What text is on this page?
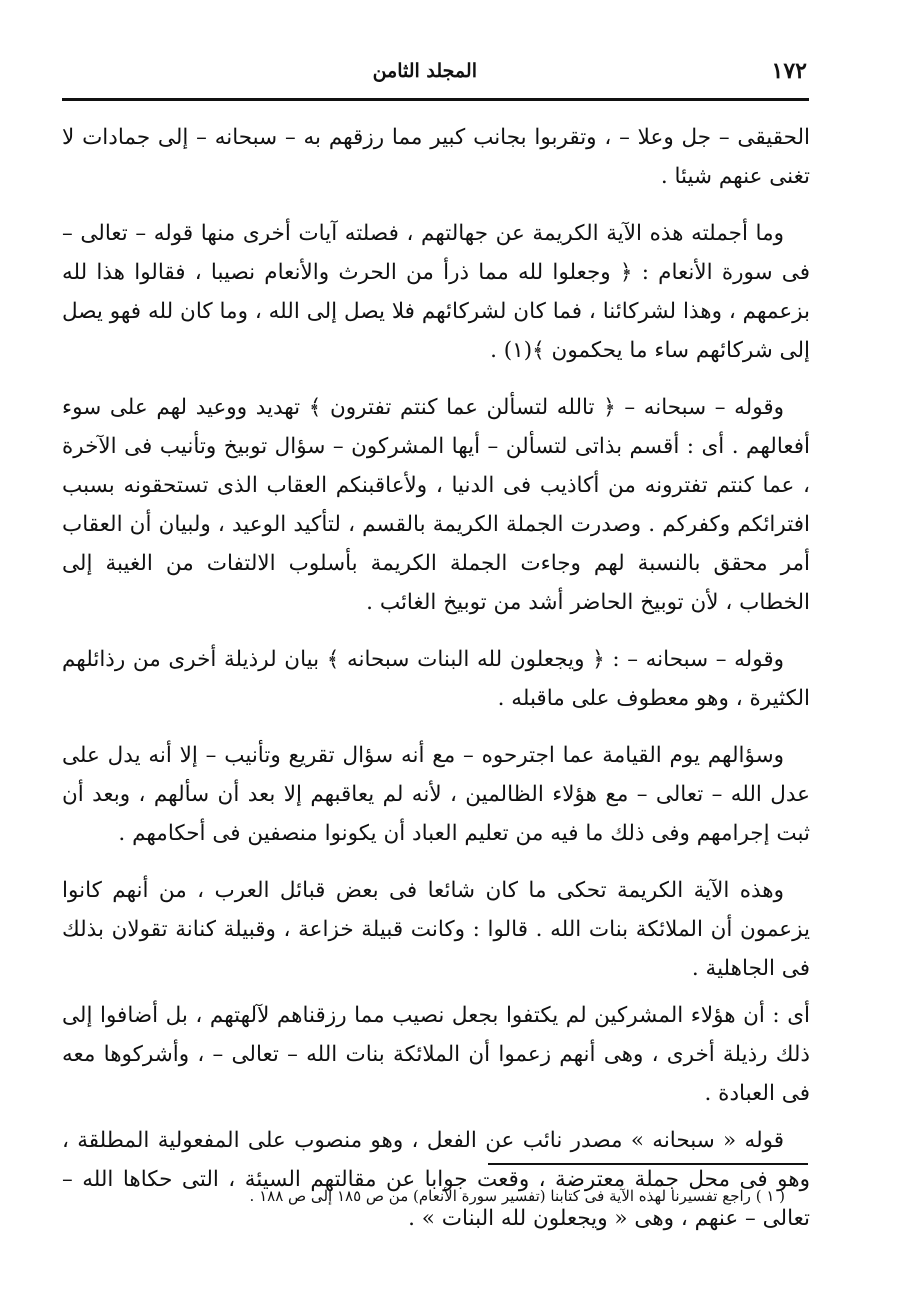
١٧٢
المجلد الثامن

الحقيقى – جل وعلا – ، وتقربوا بجانب كبير مما رزقهم به – سبحانه – إلى جمادات لا تغنى عنهم شيئا .

وما أجملته هذه الآية الكريمة عن جهالتهم ، فصلته آيات أخرى منها قوله – تعالى – فى سورة الأنعام : ﴿ وجعلوا لله مما ذرأ من الحرث والأنعام نصيبا ، فقالوا هذا لله بزعمهم ، وهذا لشركائنا ، فما كان لشركائهم فلا يصل إلى الله ، وما كان لله فهو يصل إلى شركائهم ساء ما يحكمون ﴾(١) .

وقوله – سبحانه – ﴿ تالله لتسألن عما كنتم تفترون ﴾ تهديد ووعيد لهم على سوء أفعالهم . أى : أقسم بذاتى لتسألن – أيها المشركون – سؤال توبيخ وتأنيب فى الآخرة ، عما كنتم تفترونه من أكاذيب فى الدنيا ، ولأعاقبنكم العقاب الذى تستحقونه بسبب افترائكم وكفركم . وصدرت الجملة الكريمة بالقسم ، لتأكيد الوعيد ، ولبيان أن العقاب أمر محقق بالنسبة لهم وجاءت الجملة الكريمة بأسلوب الالتفات من الغيبة إلى الخطاب ، لأن توبيخ الحاضر أشد من توبيخ الغائب .

وقوله – سبحانه – : ﴿ ويجعلون لله البنات سبحانه ﴾ بيان لرذيلة أخرى من رذائلهم الكثيرة ، وهو معطوف على ماقبله .

وسؤالهم يوم القيامة عما اجترحوه – مع أنه سؤال تقريع وتأنيب – إلا أنه يدل على عدل الله – تعالى – مع هؤلاء الظالمين ، لأنه لم يعاقبهم إلا بعد أن سألهم ، وبعد أن ثبت إجرامهم وفى ذلك ما فيه من تعليم العباد أن يكونوا منصفين فى أحكامهم .

وهذه الآية الكريمة تحكى ما كان شائعا فى بعض قبائل العرب ، من أنهم كانوا يزعمون أن الملائكة بنات الله . قالوا : وكانت قبيلة خزاعة ، وقبيلة كنانة تقولان بذلك فى الجاهلية .

أى : أن هؤلاء المشركين لم يكتفوا بجعل نصيب مما رزقناهم لآلهتهم ، بل أضافوا إلى ذلك رذيلة أخرى ، وهى أنهم زعموا أن الملائكة بنات الله – تعالى – ، وأشركوها معه فى العبادة .

قوله « سبحانه » مصدر نائب عن الفعل ، وهو منصوب على المفعولية المطلقة ، وهو فى محل جملة معترضة ، وقعت جوابا عن مقالتهم السيئة ، التى حكاها الله – تعالى – عنهم ، وهى « ويجعلون لله البنات » .

( ١ ) راجع تفسيرنا لهذه الآية فى كتابنا (تفسير سورة الأنعام) من ص ١٨٥ إلى ص ١٨٨ .
